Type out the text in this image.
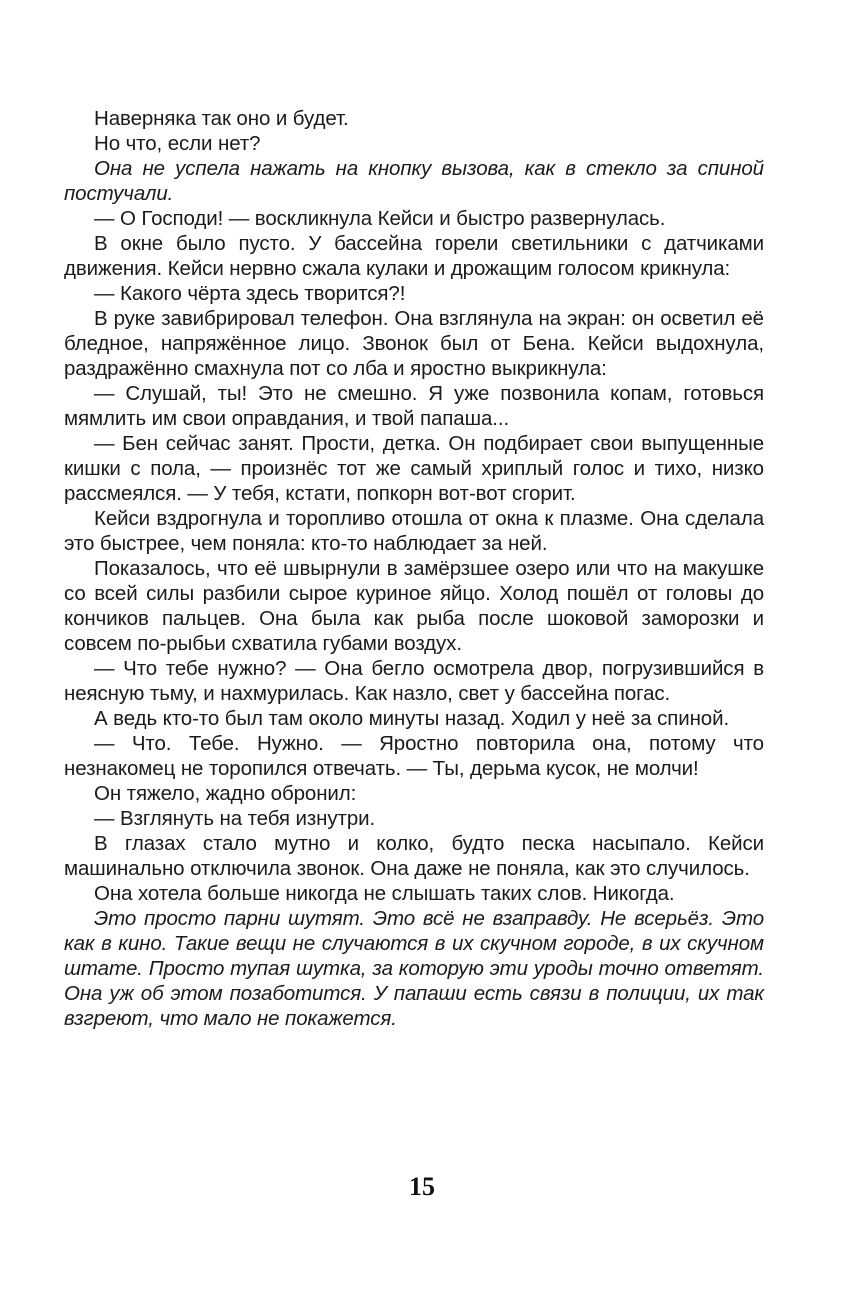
Наверняка так оно и будет.

Но что, если нет?

Она не успела нажать на кнопку вызова, как в стекло за спиной постучали.

— О Господи! — воскликнула Кейси и быстро развернулась.

В окне было пусто. У бассейна горели светильники с датчиками движения. Кейси нервно сжала кулаки и дрожащим голосом крикнула:

— Какого чёрта здесь творится?!

В руке завибрировал телефон. Она взглянула на экран: он осветил её бледное, напряжённое лицо. Звонок был от Бена. Кейси выдохнула, раздражённо смахнула пот со лба и яростно выкрикнула:

— Слушай, ты! Это не смешно. Я уже позвонила копам, готовься мямлить им свои оправдания, и твой папаша...

— Бен сейчас занят. Прости, детка. Он подбирает свои выпущенные кишки с пола, — произнёс тот же самый хриплый голос и тихо, низко рассмеялся. — У тебя, кстати, попкорн вот-вот сгорит.

Кейси вздрогнула и торопливо отошла от окна к плазме. Она сделала это быстрее, чем поняла: кто-то наблюдает за ней.

Показалось, что её швырнули в замёрзшее озеро или что на макушке со всей силы разбили сырое куриное яйцо. Холод пошёл от головы до кончиков пальцев. Она была как рыба после шоковой заморозки и совсем по-рыбьи схватила губами воздух.

— Что тебе нужно? — Она бегло осмотрела двор, погрузившийся в неясную тьму, и нахмурилась. Как назло, свет у бассейна погас.

А ведь кто-то был там около минуты назад. Ходил у неё за спиной.

— Что. Тебе. Нужно. — Яростно повторила она, потому что незнакомец не торопился отвечать. — Ты, дерьма кусок, не молчи!

Он тяжело, жадно обронил:

— Взглянуть на тебя изнутри.

В глазах стало мутно и колко, будто песка насыпало. Кейси машинально отключила звонок. Она даже не поняла, как это случилось.

Она хотела больше никогда не слышать таких слов. Никогда.

Это просто парни шутят. Это всё не взаправду. Не всерьёз. Это как в кино. Такие вещи не случаются в их скучном городе, в их скучном штате. Просто тупая шутка, за которую эти уроды точно ответят. Она уж об этом позаботится. У папаши есть связи в полиции, их так взгреют, что мало не покажется.

15
